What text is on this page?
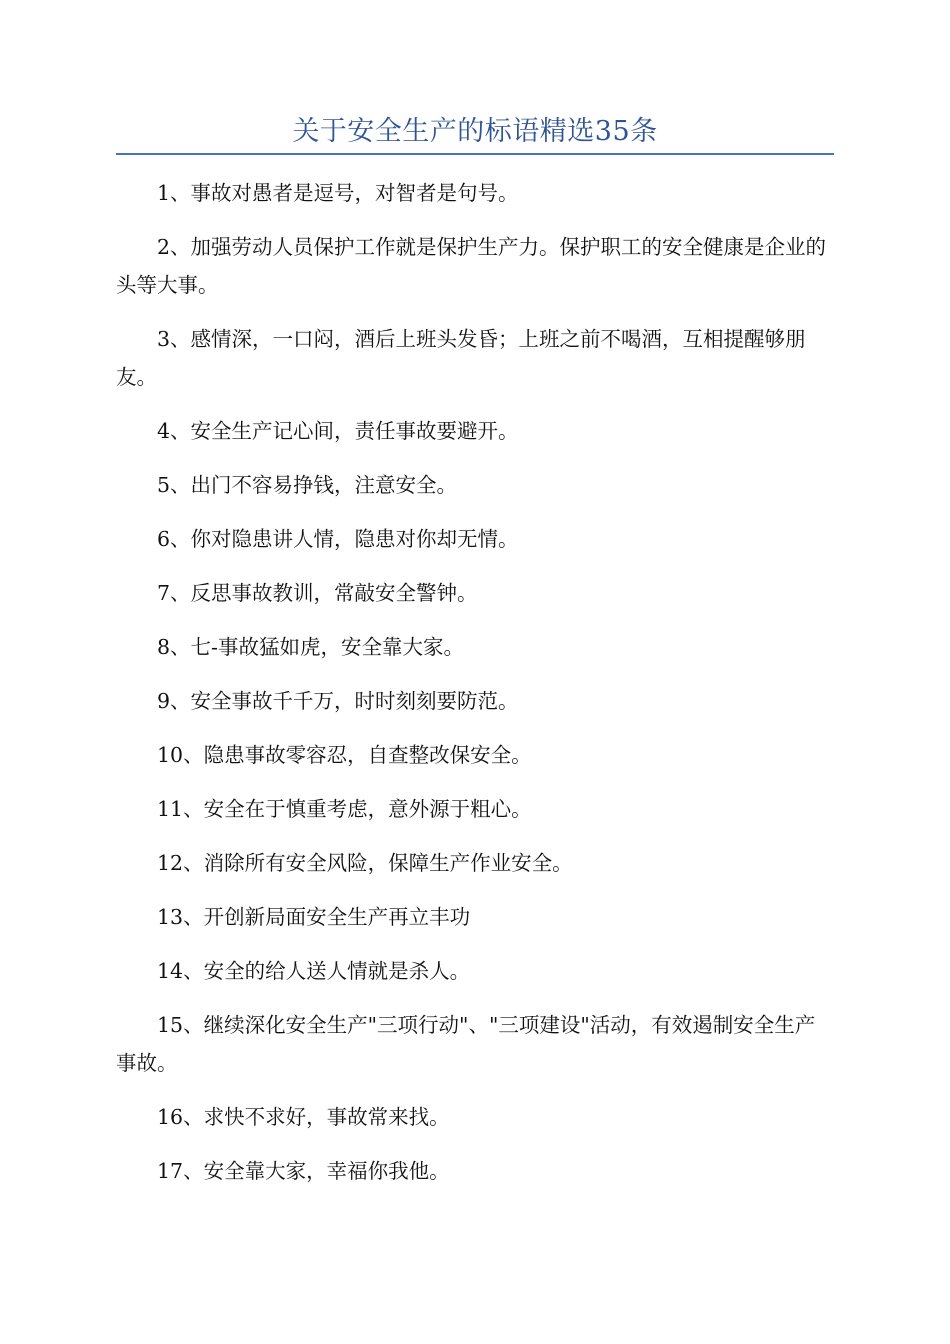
关于安全生产的标语精选35条

1、事故对愚者是逗号，对智者是句号。

2、加强劳动人员保护工作就是保护生产力。保护职工的安全健康是企业的头等大事。

3、感情深，一口闷，酒后上班头发昏；上班之前不喝酒，互相提醒够朋友。

4、安全生产记心间，责任事故要避开。

5、出门不容易挣钱，注意安全。

6、你对隐患讲人情，隐患对你却无情。

7、反思事故教训，常敲安全警钟。

8、七-事故猛如虎，安全靠大家。

9、安全事故千千万，时时刻刻要防范。

10、隐患事故零容忍，自查整改保安全。

11、安全在于慎重考虑，意外源于粗心。

12、消除所有安全风险，保障生产作业安全。

13、开创新局面安全生产再立丰功

14、安全的给人送人情就是杀人。

15、继续深化安全生产"三项行动"、"三项建设"活动，有效遏制安全生产事故。

16、求快不求好，事故常来找。

17、安全靠大家，幸福你我他。
